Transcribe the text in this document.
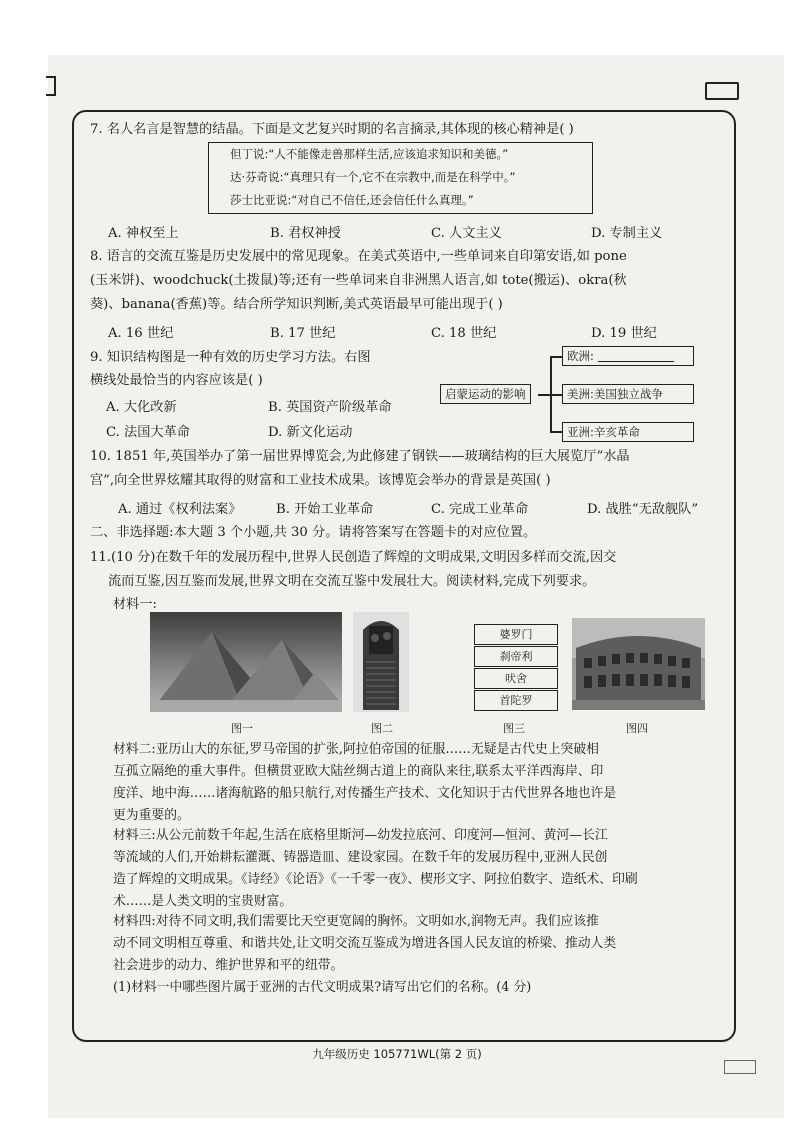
7. 名人名言是智慧的结晶。下面是文艺复兴时期的名言摘录,其体现的核心精神是( )
但丁说:“人不能像走兽那样生活,应该追求知识和美德。”
达·芬奇说:“真理只有一个,它不在宗教中,而是在科学中。”
莎士比亚说:“对自己不信任,还会信任什么真理。”
A. 神权至上	B. 君权神授	C. 人文主义	D. 专制主义
8. 语言的交流互鉴是历史发展中的常见现象。在美式英语中,一些单词来自印第安语,如 pone
(玉米饼)、woodchuck(土拨鼠)等;还有一些单词来自非洲黑人语言,如 tote(搬运)、okra(秋
葵)、banana(香蕉)等。结合所学知识判断,美式英语最早可能出现于( )
A. 16 世纪	B. 17 世纪	C. 18 世纪	D. 19 世纪
9. 知识结构图是一种有效的历史学习方法。右图
横线处最恰当的内容应该是( )
A. 大化改新	B. 英国资产阶级革命
C. 法国大革命	D. 新文化运动
启蒙运动的影响
欧洲:
美洲:美国独立战争
亚洲:辛亥革命
10. 1851 年,英国举办了第一届世界博览会,为此修建了钢铁——玻璃结构的巨大展览厅“水晶
宫”,向全世界炫耀其取得的财富和工业技术成果。该博览会举办的背景是英国( )
A. 通过《权利法案》	B. 开始工业革命	C. 完成工业革命	D. 战胜“无敌舰队”
二、非选择题:本大题 3 个小题,共 30 分。请将答案写在答题卡的对应位置。
11.(10 分)在数千年的发展历程中,世界人民创造了辉煌的文明成果,文明因多样而交流,因交
流而互鉴,因互鉴而发展,世界文明在交流互鉴中发展壮大。阅读材料,完成下列要求。
材料一:
图一	图二
婆罗门
刹帝利
吠舍
首陀罗
图三	图四
材料二:亚历山大的东征,罗马帝国的扩张,阿拉伯帝国的征服……无疑是古代史上突破相
互孤立隔绝的重大事件。但横贯亚欧大陆丝绸古道上的商队来往,联系太平洋西海岸、印
度洋、地中海……诸海航路的船只航行,对传播生产技术、文化知识于古代世界各地也许是
更为重要的。
材料三:从公元前数千年起,生活在底格里斯河—幼发拉底河、印度河—恒河、黄河—长江
等流域的人们,开始耕耘灌溉、铸器造皿、建设家园。在数千年的发展历程中,亚洲人民创
造了辉煌的文明成果。《诗经》《论语》《一千零一夜》、楔形文字、阿拉伯数字、造纸术、印刷
术……是人类文明的宝贵财富。
材料四:对待不同文明,我们需要比天空更宽阔的胸怀。文明如水,润物无声。我们应该推
动不同文明相互尊重、和谐共处,让文明交流互鉴成为增进各国人民友谊的桥梁、推动人类
社会进步的动力、维护世界和平的纽带。
(1)材料一中哪些图片属于亚洲的古代文明成果?请写出它们的名称。(4 分)
九年级历史 105771WL(第 2 页)
